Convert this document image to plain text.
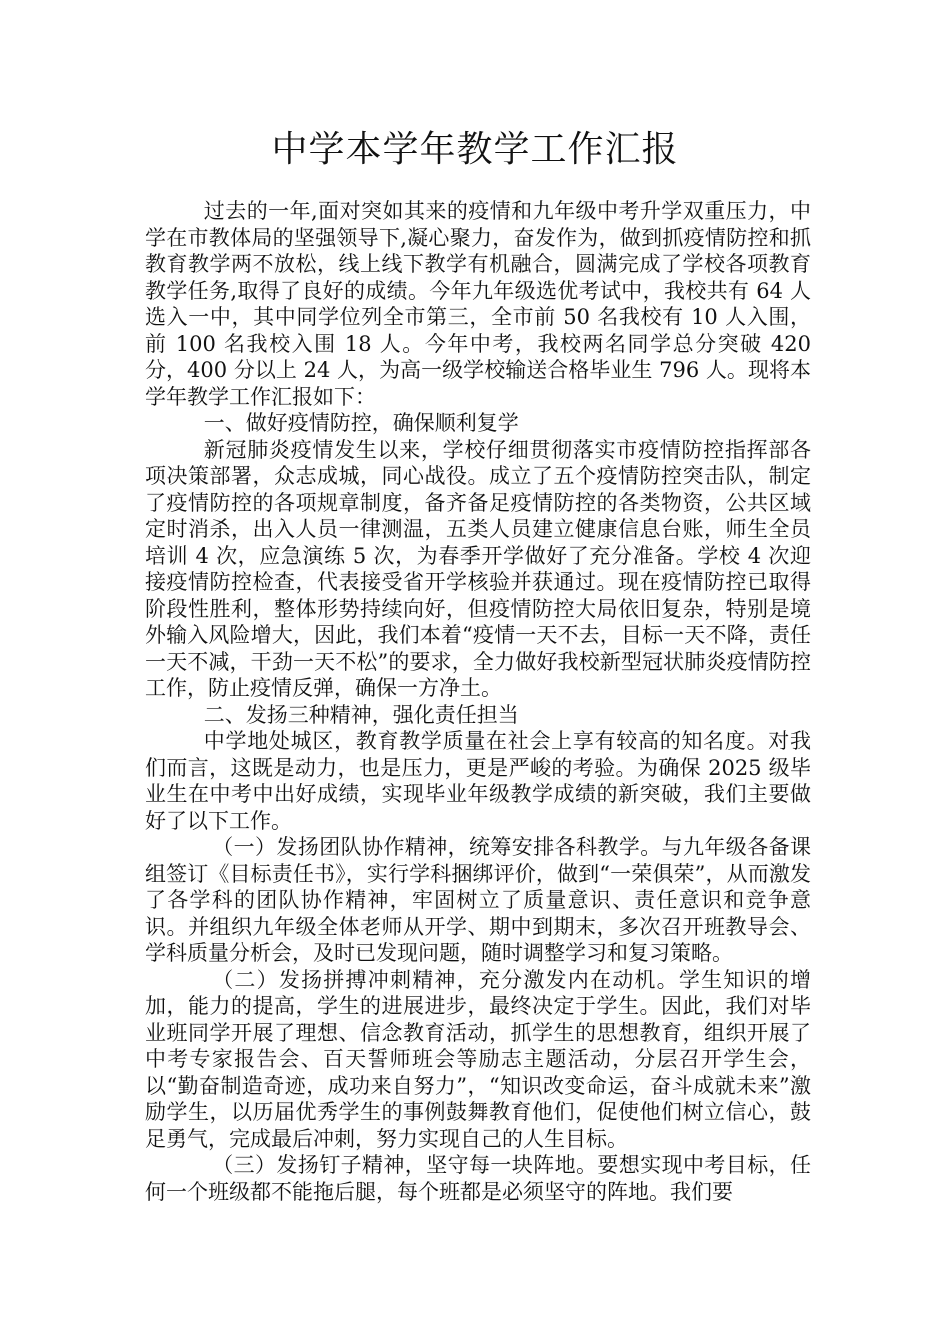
中学本学年教学工作汇报

过去的一年,面对突如其来的疫情和九年级中考升学双重压力，中学在市教体局的坚强领导下,凝心聚力，奋发作为，做到抓疫情防控和抓教育教学两不放松，线上线下教学有机融合，圆满完成了学校各项教育教学任务,取得了良好的成绩。今年九年级选优考试中，我校共有 64 人选入一中，其中同学位列全市第三，全市前 50 名我校有 10 人入围，前 100 名我校入围 18 人。今年中考，我校两名同学总分突破 420 分，400 分以上 24 人，为高一级学校输送合格毕业生 796 人。现将本学年教学工作汇报如下：

一、做好疫情防控，确保顺利复学

新冠肺炎疫情发生以来，学校仔细贯彻落实市疫情防控指挥部各项决策部署，众志成城，同心战役。成立了五个疫情防控突击队，制定了疫情防控的各项规章制度，备齐备足疫情防控的各类物资，公共区域定时消杀，出入人员一律测温，五类人员建立健康信息台账，师生全员培训 4 次，应急演练 5 次，为春季开学做好了充分准备。学校 4 次迎接疫情防控检查，代表接受省开学核验并获通过。现在疫情防控已取得阶段性胜利，整体形势持续向好，但疫情防控大局依旧复杂，特别是境外输入风险增大，因此，我们本着“疫情一天不去，目标一天不降，责任一天不减，干劲一天不松”的要求，全力做好我校新型冠状肺炎疫情防控工作，防止疫情反弹，确保一方净土。

二、发扬三种精神，强化责任担当

中学地处城区，教育教学质量在社会上享有较高的知名度。对我们而言，这既是动力，也是压力，更是严峻的考验。为确保 2025 级毕业生在中考中出好成绩，实现毕业年级教学成绩的新突破，我们主要做好了以下工作。

（一）发扬团队协作精神，统筹安排各科教学。与九年级各备课组签订《目标责任书》，实行学科捆绑评价，做到“一荣俱荣”，从而激发了各学科的团队协作精神，牢固树立了质量意识、责任意识和竞争意识。并组织九年级全体老师从开学、期中到期末，多次召开班教导会、学科质量分析会，及时已发现问题，随时调整学习和复习策略。

（二）发扬拼搏冲刺精神，充分激发内在动机。学生知识的增加，能力的提高，学生的进展进步，最终决定于学生。因此，我们对毕业班同学开展了理想、信念教育活动，抓学生的思想教育，组织开展了中考专家报告会、百天誓师班会等励志主题活动，分层召开学生会，以“勤奋制造奇迹，成功来自努力”，“知识改变命运，奋斗成就未来”激励学生，以历届优秀学生的事例鼓舞教育他们，促使他们树立信心，鼓足勇气，完成最后冲刺，努力实现自己的人生目标。

（三）发扬钉子精神，坚守每一块阵地。要想实现中考目标，任何一个班级都不能拖后腿，每个班都是必须坚守的阵地。我们要
